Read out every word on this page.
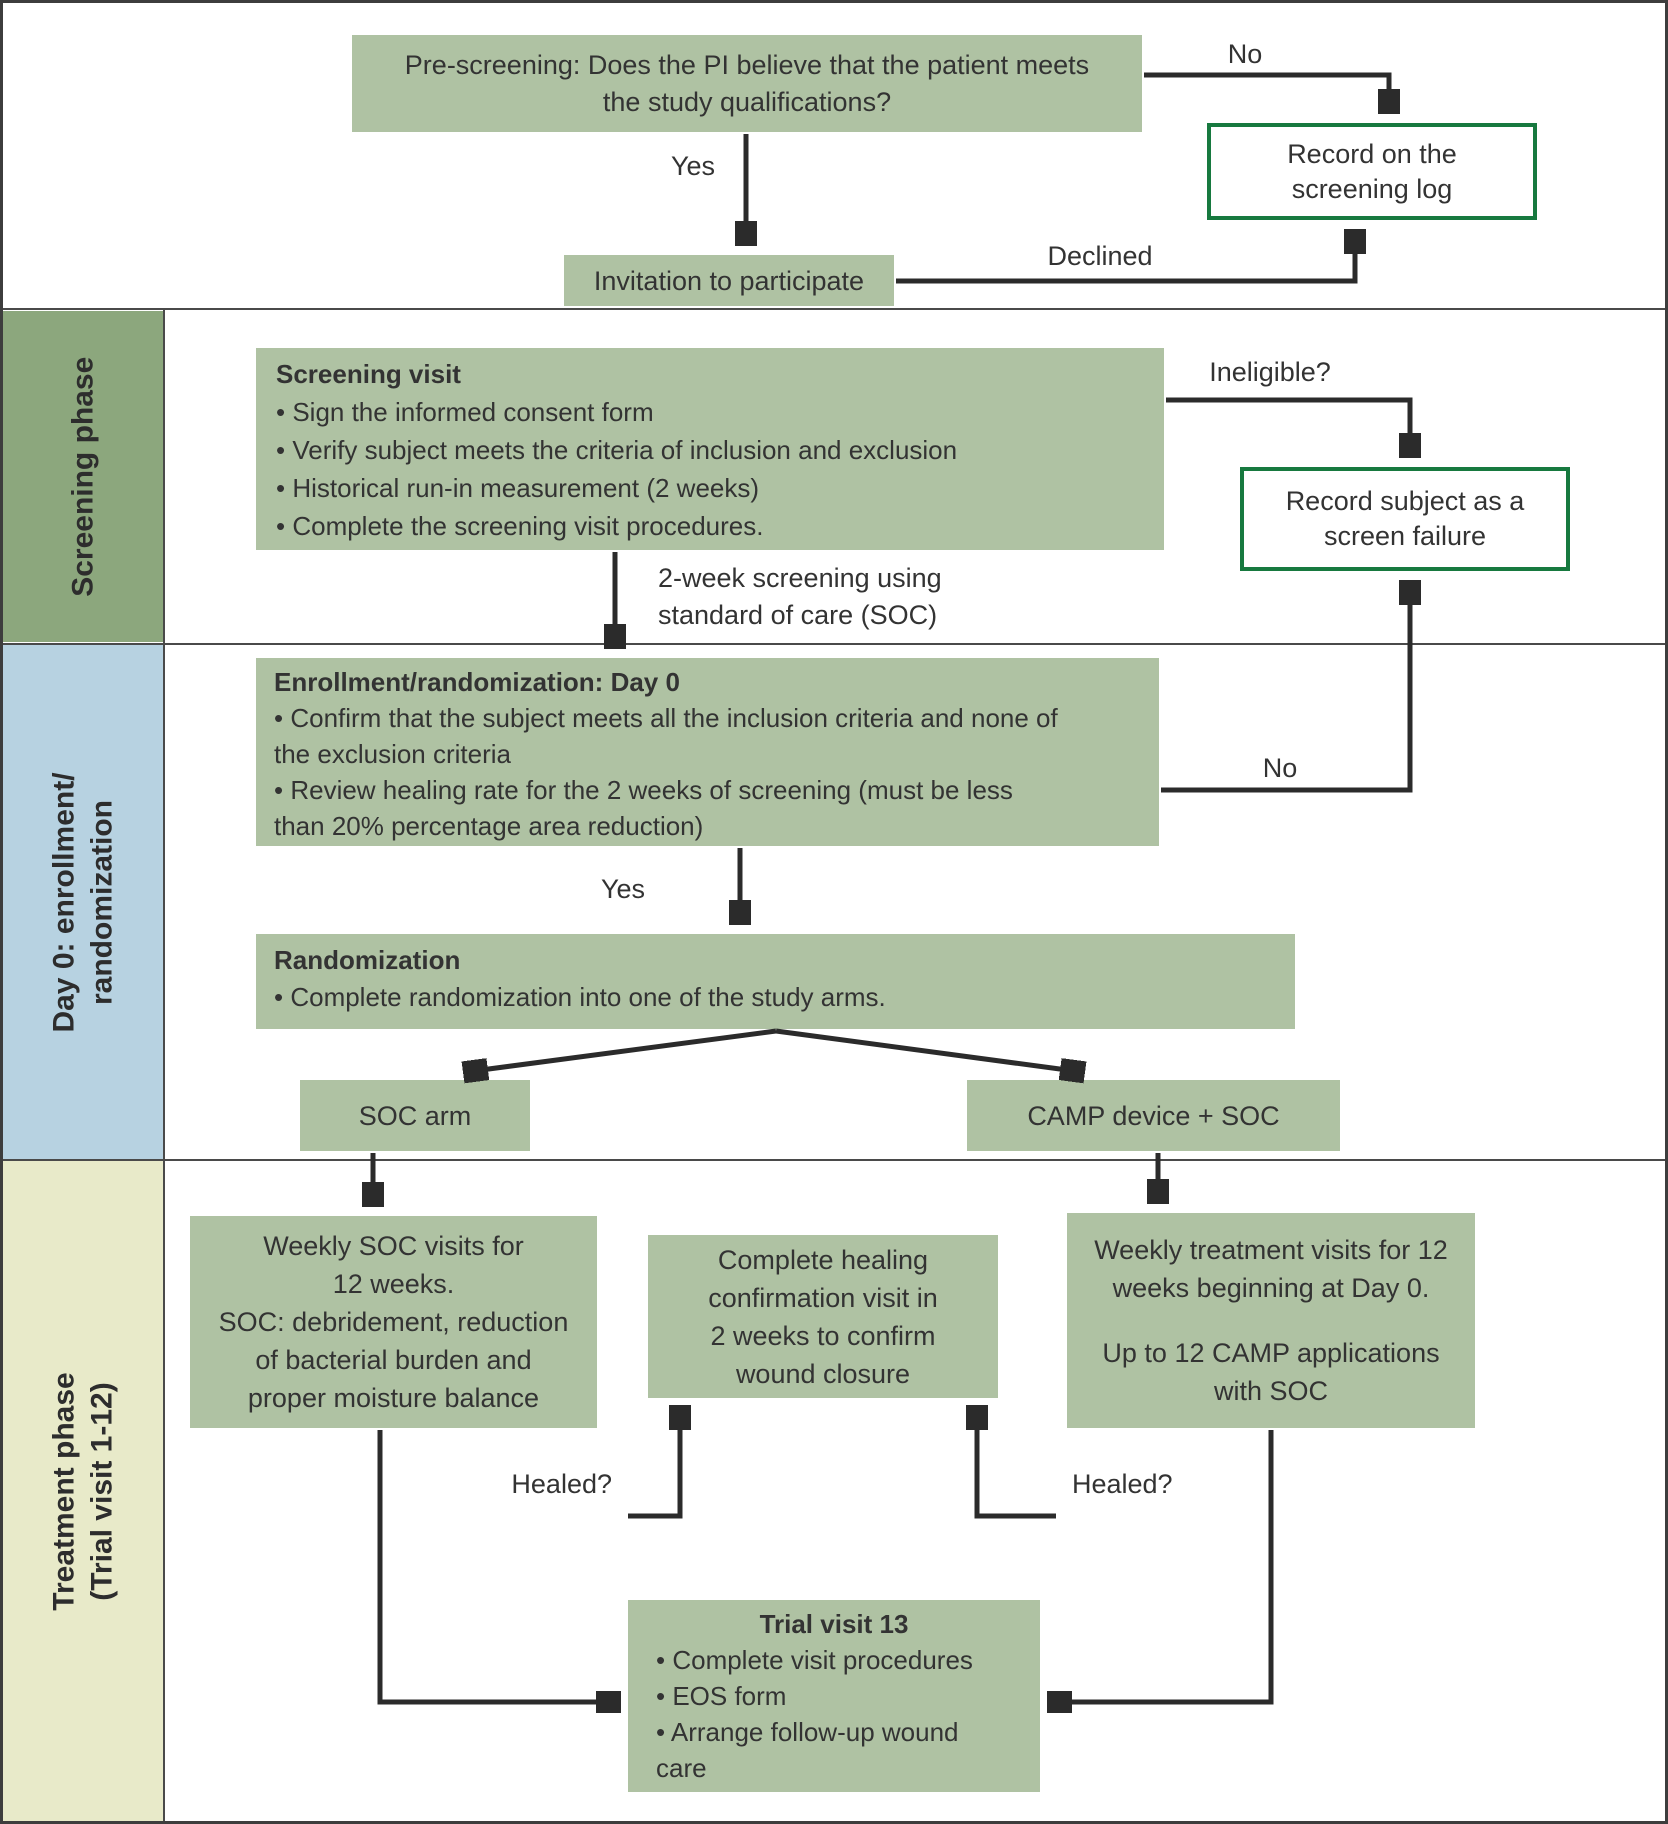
Screening phase
Day 0: enrollment/ randomization
Treatment phase (Trial visit 1-12)
Pre-screening: Does the PI believe that the patient meets
the study qualifications?
Record on the
screening log
Invitation to participate
Screening visit
• Sign the informed consent form
• Verify subject meets the criteria of inclusion and exclusion
• Historical run-in measurement (2 weeks)
• Complete the screening visit procedures.
Record subject as a
screen failure
Enrollment/randomization: Day 0
• Confirm that the subject meets all the inclusion criteria and none of
the exclusion criteria
• Review healing rate for the 2 weeks of screening (must be less
than 20% percentage area reduction)
Randomization
• Complete randomization into one of the study arms.
SOC arm	CAMP device + SOC
Weekly SOC visits for
12 weeks.
SOC: debridement, reduction
of bacterial burden and
proper moisture balance
Complete healing
confirmation visit in
2 weeks to confirm
wound closure
Weekly treatment visits for 12
weeks beginning at Day 0.
Up to 12 CAMP applications
with SOC
Trial visit 13
• Complete visit procedures
• EOS form
• Arrange follow-up wound
care
Yes
No
Declined
Ineligible?
2-week screening using
standard of care (SOC)
No
Yes
Healed?	Healed?
